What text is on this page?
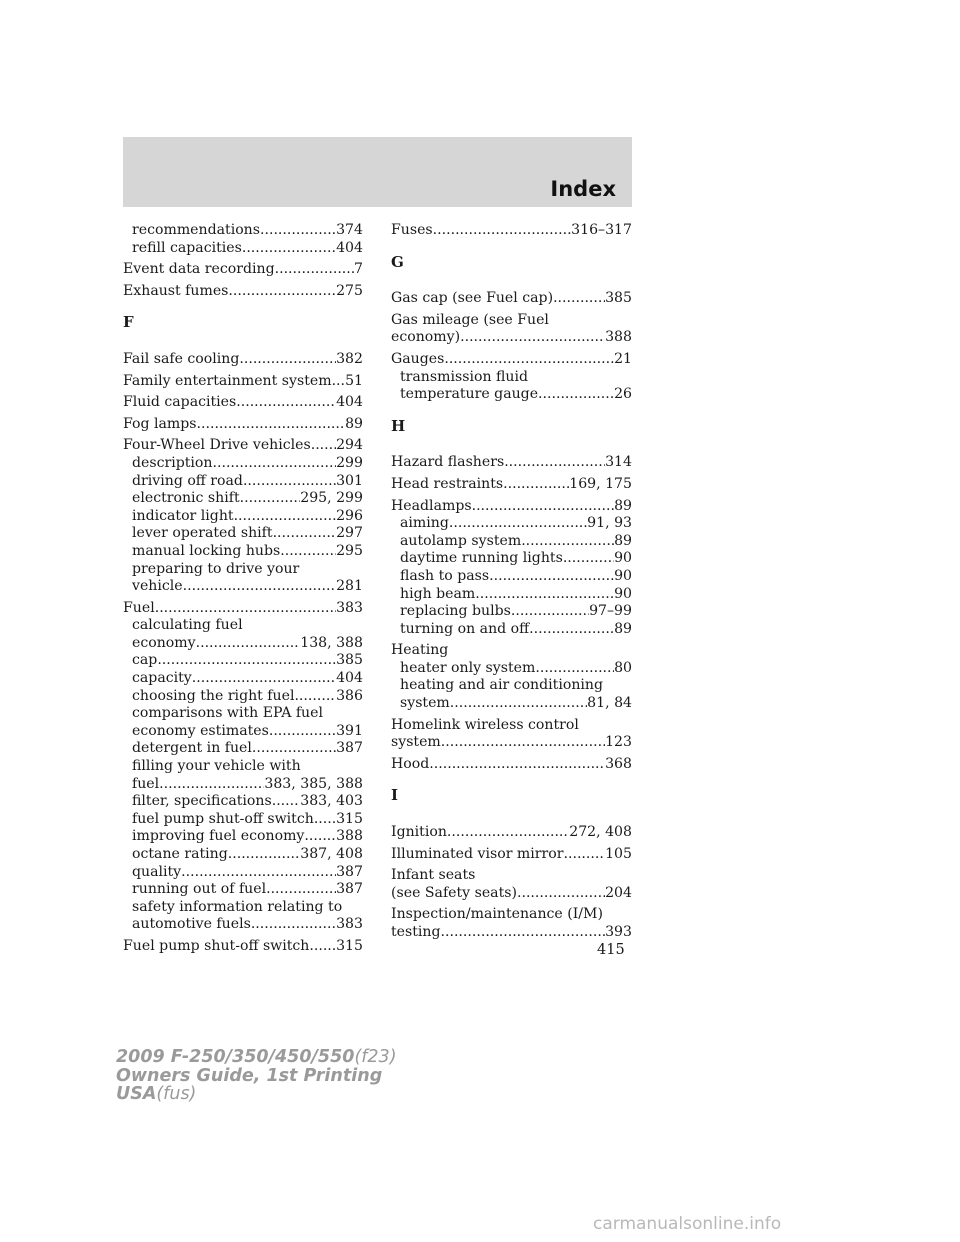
Index
recommendations .....	374
refill capacities .....	404
Event data recording .....	7
Exhaust fumes .....	275
F
Fail safe cooling .....	382
Family entertainment system ..... 51
Fluid capacities .....	404
Fog lamps .....	89
Four-Wheel Drive vehicles ..... 294
description .....	299
driving off road .....	301
electronic shift .....	295, 299
indicator light .....	296
lever operated shift .....	297
manual locking hubs .....	295
preparing to drive your
vehicle .....	281
Fuel .....	383
calculating fuel
economy .....	138, 388
cap .....	385
capacity .....	404
choosing the right fuel .....	386
comparisons with EPA fuel
economy estimates .....	391
detergent in fuel .....	387
filling your vehicle with
fuel .....	383, 385, 388
filter, specifications ..... 383, 403
fuel pump shut-off switch ..... 315
improving fuel economy ..... 388
octane rating .....	387, 408
quality .....	387
running out of fuel .....	387
safety information relating to
automotive fuels .....	383
Fuel pump shut-off switch ..... 315
Fuses .....	316–317
G
Gas cap (see Fuel cap) .....	385
Gas mileage (see Fuel
economy) .....	388
Gauges .....	21
transmission fluid
temperature gauge .....	26
H
Hazard flashers .....	314
Head restraints .....	169, 175
Headlamps .....	89
aiming .....	91, 93
autolamp system .....	89
daytime running lights .....	90
flash to pass .....	90
high beam .....	90
replacing bulbs .....	97–99
turning on and off .....	89
Heating
heater only system .....	80
heating and air conditioning
system .....	81, 84
Homelink wireless control
system .....	123
Hood .....	368
I
Ignition .....	272, 408
Illuminated visor mirror .....	105
Infant seats
(see Safety seats) .....	204
Inspection/maintenance (I/M)
testing .....	393
415
2009 F-250/350/450/550(f23)
Owners Guide, 1st Printing
USA(fus)
carmanualsonline.info
